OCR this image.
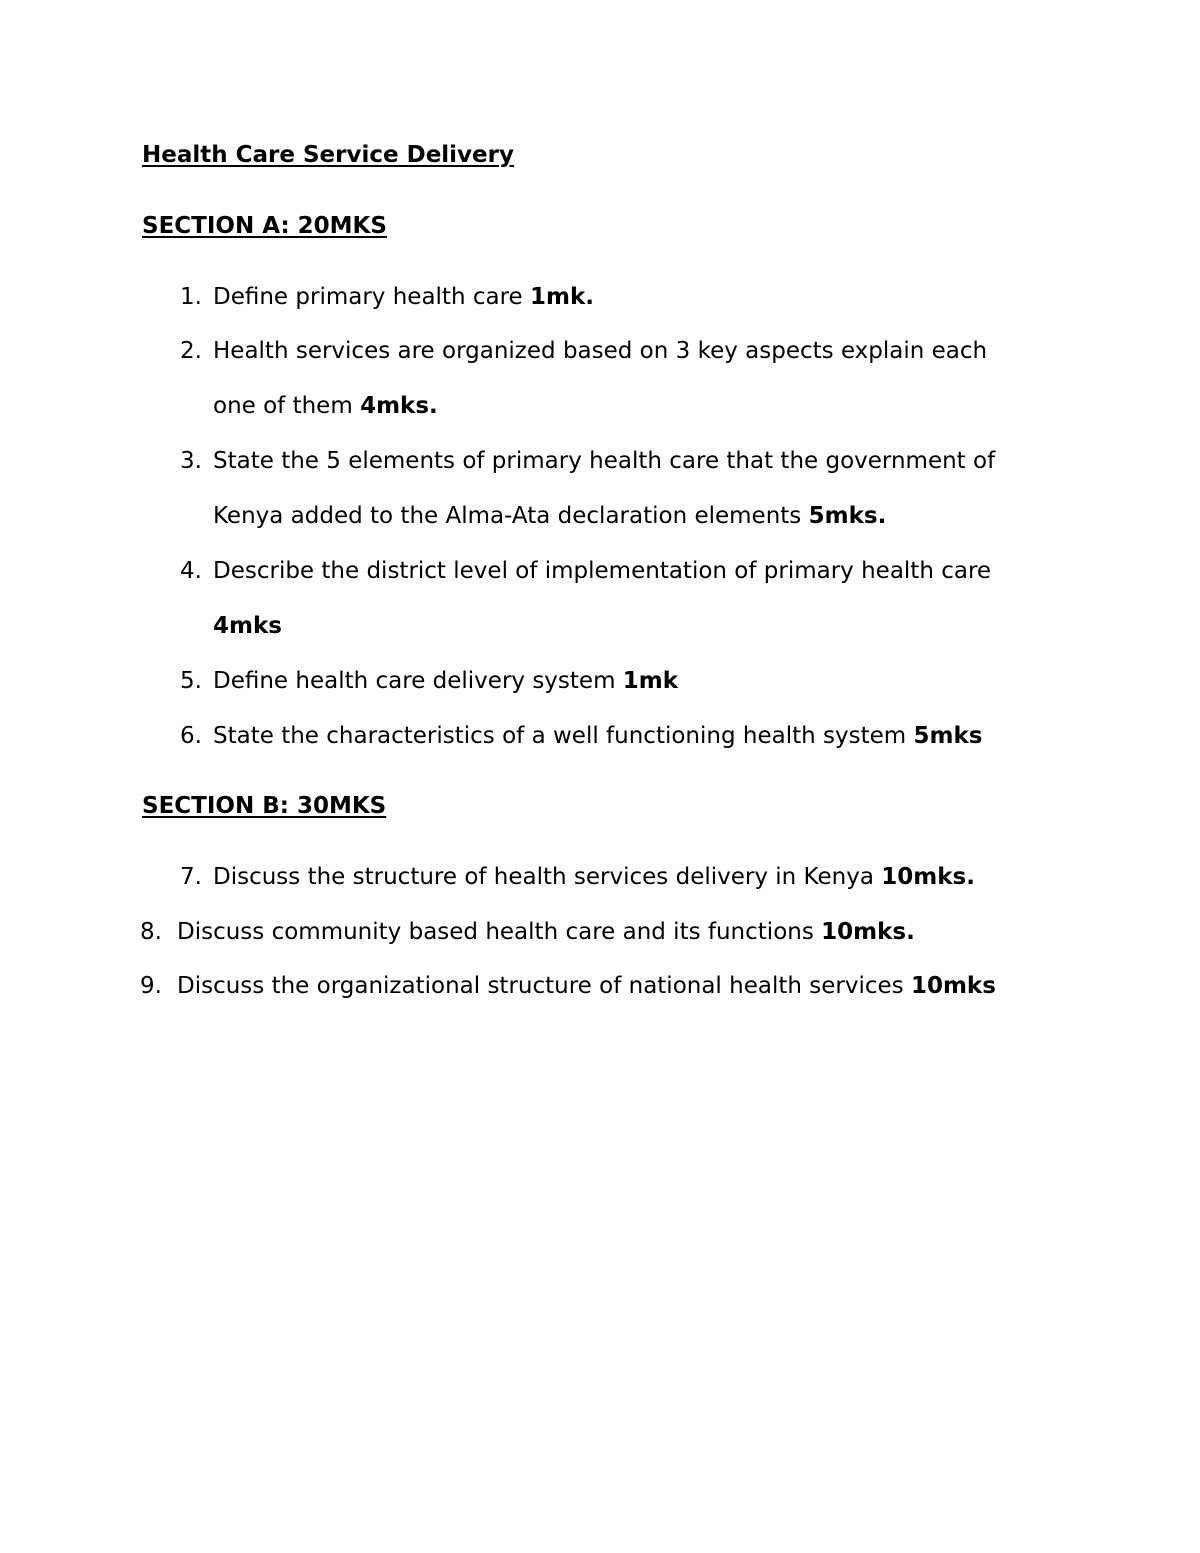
Health Care Service Delivery
SECTION A: 20MKS
1. Define primary health care 1mk.
2. Health services are organized based on 3 key aspects explain each
one of them 4mks.
3. State the 5 elements of primary health care that the government of
Kenya added to the Alma-Ata declaration elements 5mks.
4. Describe the district level of implementation of primary health care
4mks
5. Define health care delivery system 1mk
6. State the characteristics of a well functioning health system 5mks
SECTION B: 30MKS
7. Discuss the structure of health services delivery in Kenya 10mks.
8. Discuss community based health care and its functions 10mks.
9. Discuss the organizational structure of national health services 10mks
